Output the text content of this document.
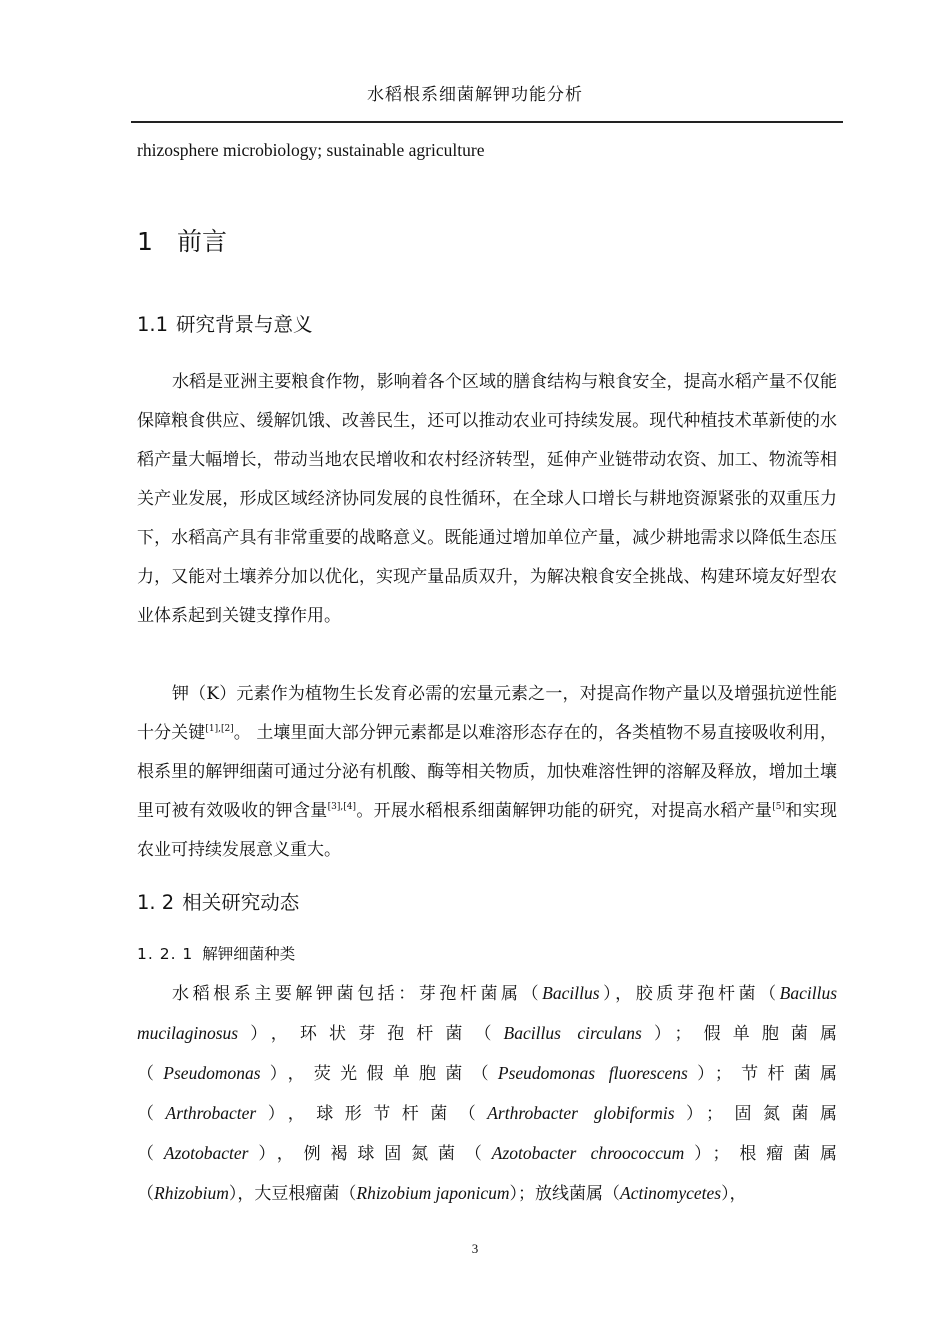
水稻根系细菌解钾功能分析
rhizosphere microbiology; sustainable agriculture
1 前言
1.1 研究背景与意义
水稻是亚洲主要粮食作物，影响着各个区域的膳食结构与粮食安全，提高水稻产量不仅能保障粮食供应、缓解饥饿、改善民生，还可以推动农业可持续发展。现代种植技术革新使的水稻产量大幅增长，带动当地农民增收和农村经济转型，延伸产业链带动农资、加工、物流等相关产业发展，形成区域经济协同发展的良性循环，在全球人口增长与耕地资源紧张的双重压力下，水稻高产具有非常重要的战略意义。既能通过增加单位产量，减少耕地需求以降低生态压力，又能对土壤养分加以优化，实现产量品质双升，为解决粮食安全挑战、构建环境友好型农业体系起到关键支撑作用。
钾（K）元素作为植物生长发育必需的宏量元素之一，对提高作物产量以及增强抗逆性能十分关键[1],[2]。 土壤里面大部分钾元素都是以难溶形态存在的，各类植物不易直接吸收利用，根系里的解钾细菌可通过分泌有机酸、酶等相关物质，加快难溶性钾的溶解及释放，增加土壤里可被有效吸收的钾含量[3],[4]。开展水稻根系细菌解钾功能的研究，对提高水稻产量[5]和实现农业可持续发展意义重大。
1. 2 相关研究动态
1. 2. 1 解钾细菌种类
水稻根系主要解钾菌包括：芽孢杆菌属（Bacillus），胶质芽孢杆菌（Bacillus
mucilaginosus），环状芽孢杆菌（Bacillus circulans）；假单胞菌属
（Pseudomonas），荧光假单胞菌（Pseudomonas fluorescens）；节杆菌属
（Arthrobacter），球形节杆菌（Arthrobacter globiformis）；固氮菌属
（Azotobacter），例褐球固氮菌（Azotobacter chroococcum）；根瘤菌属
（Rhizobium），大豆根瘤菌（Rhizobium japonicum）；放线菌属（Actinomycetes），
3
